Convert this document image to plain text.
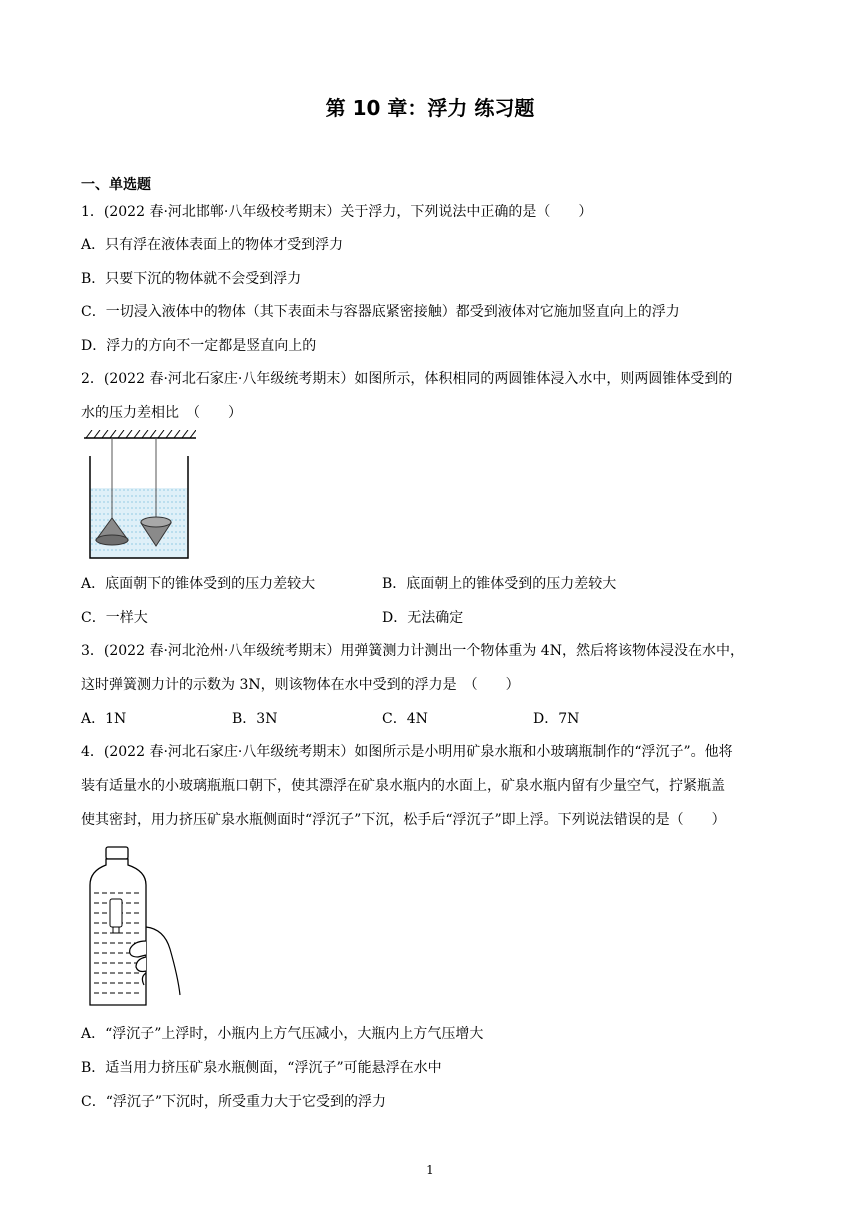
第 10 章：浮力 练习题
一、单选题
1．(2022 春·河北邯郸·八年级校考期末）关于浮力，下列说法中正确的是（　　）
A．只有浮在液体表面上的物体才受到浮力
B．只要下沉的物体就不会受到浮力
C．一切浸入液体中的物体（其下表面未与容器底紧密接触）都受到液体对它施加竖直向上的浮力
D．浮力的方向不一定都是竖直向上的
2．(2022 春·河北石家庄·八年级统考期末）如图所示，体积相同的两圆锥体浸入水中，则两圆锥体受到的
水的压力差相比　（　　）
A．底面朝下的锥体受到的压力差较大	B．底面朝上的锥体受到的压力差较大
C．一样大	D．无法确定
3．(2022 春·河北沧州·八年级统考期末）用弹簧测力计测出一个物体重为 4N，然后将该物体浸没在水中，
这时弹簧测力计的示数为 3N，则该物体在水中受到的浮力是　（　　）
A．1N	B．3N	C．4N	D．7N
4．(2022 春·河北石家庄·八年级统考期末）如图所示是小明用矿泉水瓶和小玻璃瓶制作的“浮沉子”。他将
装有适量水的小玻璃瓶瓶口朝下，使其漂浮在矿泉水瓶内的水面上，矿泉水瓶内留有少量空气，拧紧瓶盖
使其密封，用力挤压矿泉水瓶侧面时“浮沉子”下沉，松手后“浮沉子”即上浮。下列说法错误的是（　　）
A．“浮沉子”上浮时，小瓶内上方气压减小，大瓶内上方气压增大
B．适当用力挤压矿泉水瓶侧面，“浮沉子”可能悬浮在水中
C．“浮沉子”下沉时，所受重力大于它受到的浮力
1
